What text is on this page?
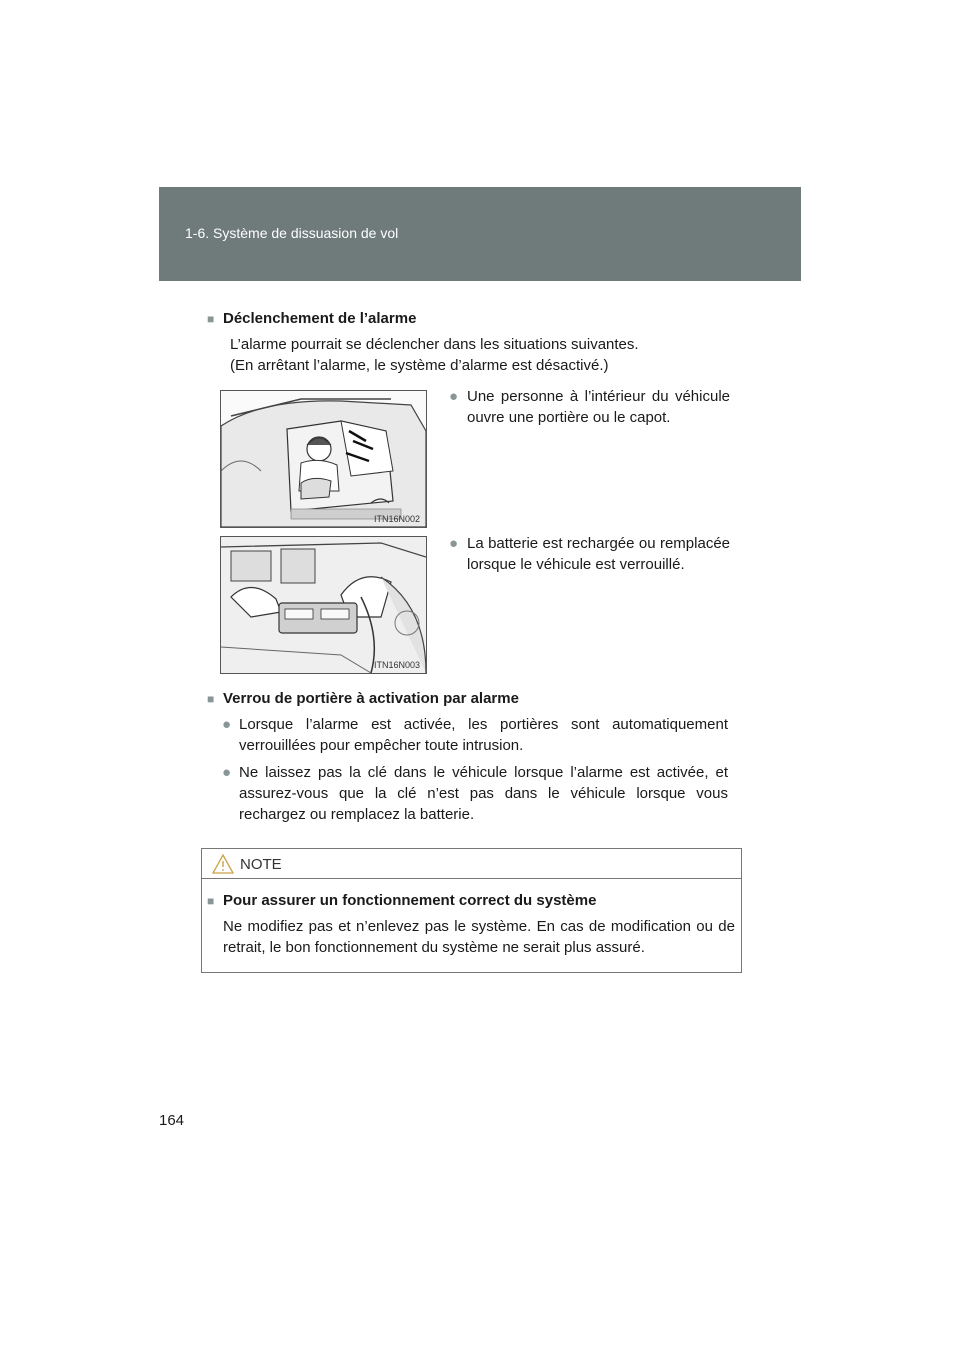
1-6. Système de dissuasion de vol
■ Déclenchement de l’alarme
L’alarme pourrait se déclencher dans les situations suivantes.
(En arrêtant l’alarme, le système d’alarme est désactivé.)
ITN16N002
● Une personne à l’intérieur du véhicule ouvre une portière ou le capot.
ITN16N003
● La batterie est rechargée ou remplacée lorsque le véhicule est verrouillé.
■ Verrou de portière à activation par alarme
● Lorsque l’alarme est activée, les portières sont automatiquement verrouillées pour empêcher toute intrusion.
● Ne laissez pas la clé dans le véhicule lorsque l’alarme est activée, et assurez-vous que la clé n’est pas dans le véhicule lorsque vous rechargez ou remplacez la batterie.
NOTE
■ Pour assurer un fonctionnement correct du système
Ne modifiez pas et n’enlevez pas le système. En cas de modification ou de retrait, le bon fonctionnement du système ne serait plus assuré.
164
